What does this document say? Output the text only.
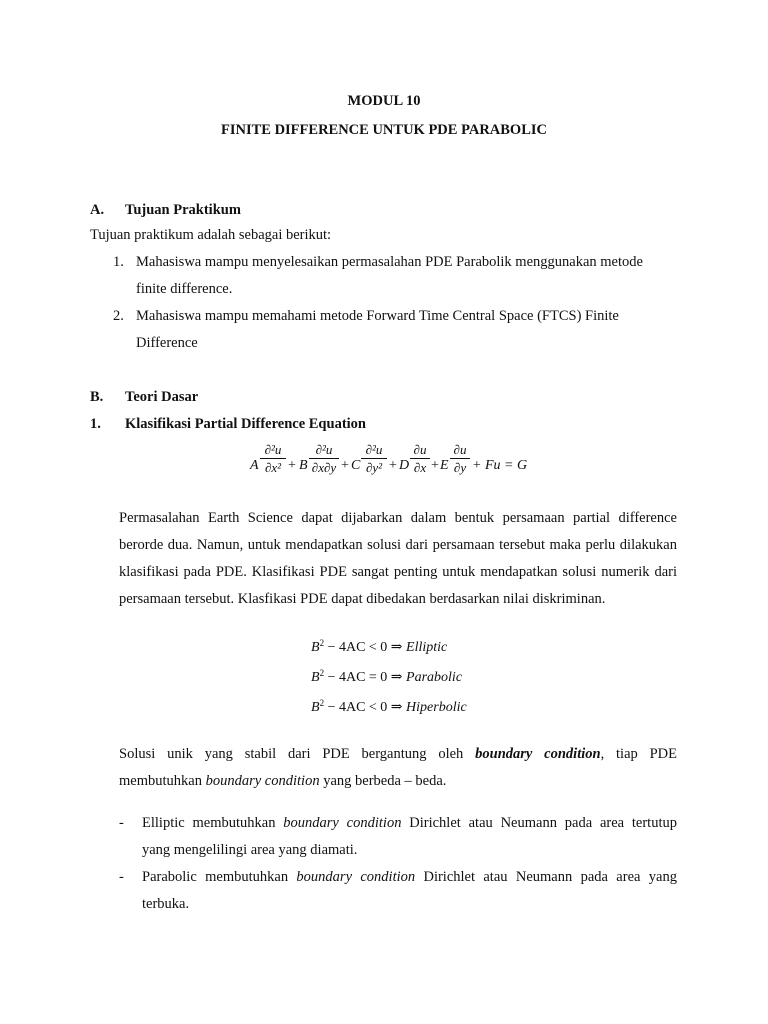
MODUL 10
FINITE DIFFERENCE UNTUK PDE PARABOLIC
A. Tujuan Praktikum
Tujuan praktikum adalah sebagai berikut:
1. Mahasiswa mampu menyelesaikan permasalahan PDE Parabolik menggunakan metode
finite difference.
2. Mahasiswa mampu memahami metode Forward Time Central Space (FTCS) Finite
Difference
B. Teori Dasar
1. Klasifikasi Partial Difference Equation
A
∂²u
∂x² + B
∂²u
∂x∂y + C
∂²u
∂y² + D
∂u
∂x + E
∂u
∂y + Fu = G
Permasalahan Earth Science dapat dijabarkan dalam bentuk persamaan partial difference
berorde dua. Namun, untuk mendapatkan solusi dari persamaan tersebut maka perlu dilakukan
klasifikasi pada PDE. Klasifikasi PDE sangat penting untuk mendapatkan solusi numerik dari
persamaan tersebut. Klasfikasi PDE dapat dibedakan berdasarkan nilai diskriminan.
$B^2 - 4AC < 0$ ⇒ Elliptic
$B^2 - 4AC = 0$ ⇒ Parabolic
$B^2 - 4AC < 0$ ⇒ Hiperbolic
Solusi unik yang stabil dari PDE bergantung oleh boundary condition, tiap PDE
membutuhkan boundary condition yang berbeda – beda.
- Elliptic membutuhkan boundary condition Dirichlet atau Neumann pada area tertutup
yang mengelilingi area yang diamati.
- Parabolic membutuhkan boundary condition Dirichlet atau Neumann pada area yang
terbuka.
